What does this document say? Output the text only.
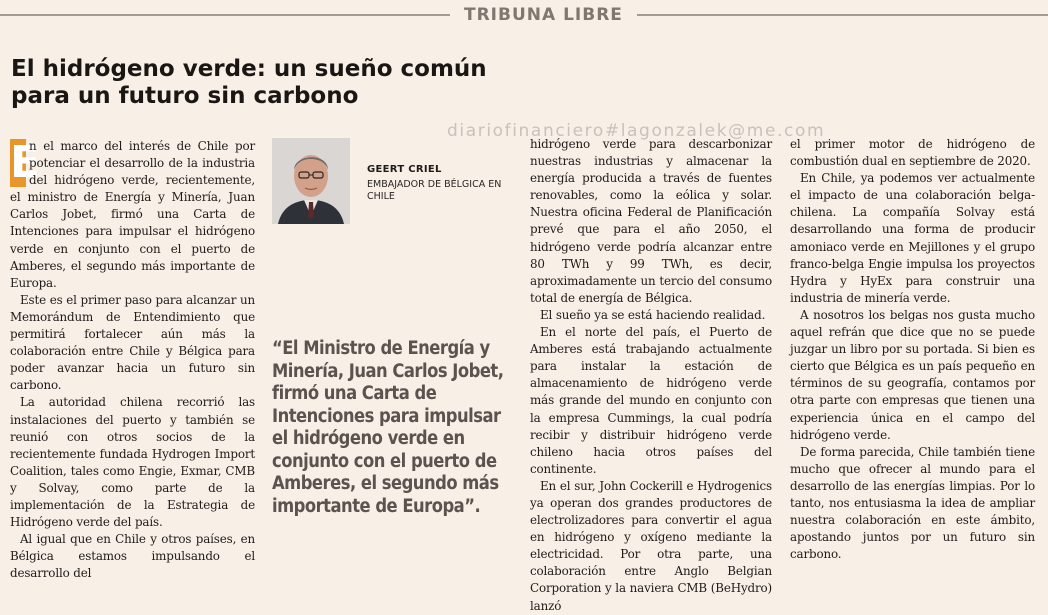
TRIBUNA LIBRE
El hidrógeno verde: un sueño común para un futuro sin carbono
diariofinanciero#lagonzalek@me.com

E
n el marco del interés de Chile por potenciar el desarrollo de la industria del hidrógeno verde, recientemente, el ministro de Energía y Minería, Juan Carlos Jobet, firmó una Carta de Intenciones para impulsar el hidrógeno verde en conjunto con el puerto de Amberes, el segundo más importante de Europa.

Este es el primer paso para alcanzar un Memorándum de Entendimiento que permitirá fortalecer aún más la colaboración entre Chile y Bélgica para poder avanzar hacia un futuro sin carbono.

La autoridad chilena recorrió las instalaciones del puerto y también se reunió con otros socios de la recientemente fundada Hydrogen Import Coalition, tales como Engie, Exmar, CMB y Solvay, como parte de la implementación de la Estrategia de Hidrógeno verde del país.

Al igual que en Chile y otros países, en Bélgica estamos impulsando el desarrollo del

GEERT CRIEL
EMBAJADOR DE BÉLGICA EN CHILE
“El Ministro de Energía y Minería, Juan Carlos Jobet, firmó una Carta de Intenciones para impulsar el hidrógeno verde en conjunto con el puerto de Amberes, el segundo más importante de Europa”.

hidrógeno verde para descarbonizar nuestras industrias y almacenar la energía producida a través de fuentes renovables, como la eólica y solar. Nuestra oficina Federal de Planificación prevé que para el año 2050, el hidrógeno verde podría alcanzar entre 80 TWh y 99 TWh, es decir, aproximadamente un tercio del consumo total de energía de Bélgica.

El sueño ya se está haciendo realidad.

En el norte del país, el Puerto de Amberes está trabajando actualmente para instalar la estación de almacenamiento de hidrógeno verde más grande del mundo en conjunto con la empresa Cummings, la cual podría recibir y distribuir hidrógeno verde chileno hacia otros países del continente.

En el sur, John Cockerill e Hydrogenics ya operan dos grandes productores de electrolizadores para convertir el agua en hidrógeno y oxígeno mediante la electricidad. Por otra parte, una colaboración entre Anglo Belgian Corporation y la naviera CMB (BeHydro) lanzó

el primer motor de hidrógeno de combustión dual en septiembre de 2020.

En Chile, ya podemos ver actualmente el impacto de una colaboración belga-chilena. La compañía Solvay está desarrollando una forma de producir amoniaco verde en Mejillones y el grupo franco-belga Engie impulsa los proyectos Hydra y HyEx para construir una industria de minería verde.

A nosotros los belgas nos gusta mucho aquel refrán que dice que no se puede juzgar un libro por su portada. Si bien es cierto que Bélgica es un país pequeño en términos de su geografía, contamos por otra parte con empresas que tienen una experiencia única en el campo del hidrógeno verde.

De forma parecida, Chile también tiene mucho que ofrecer al mundo para el desarrollo de las energías limpias. Por lo tanto, nos entusiasma la idea de ampliar nuestra colaboración en este ámbito, apostando juntos por un futuro sin carbono.
